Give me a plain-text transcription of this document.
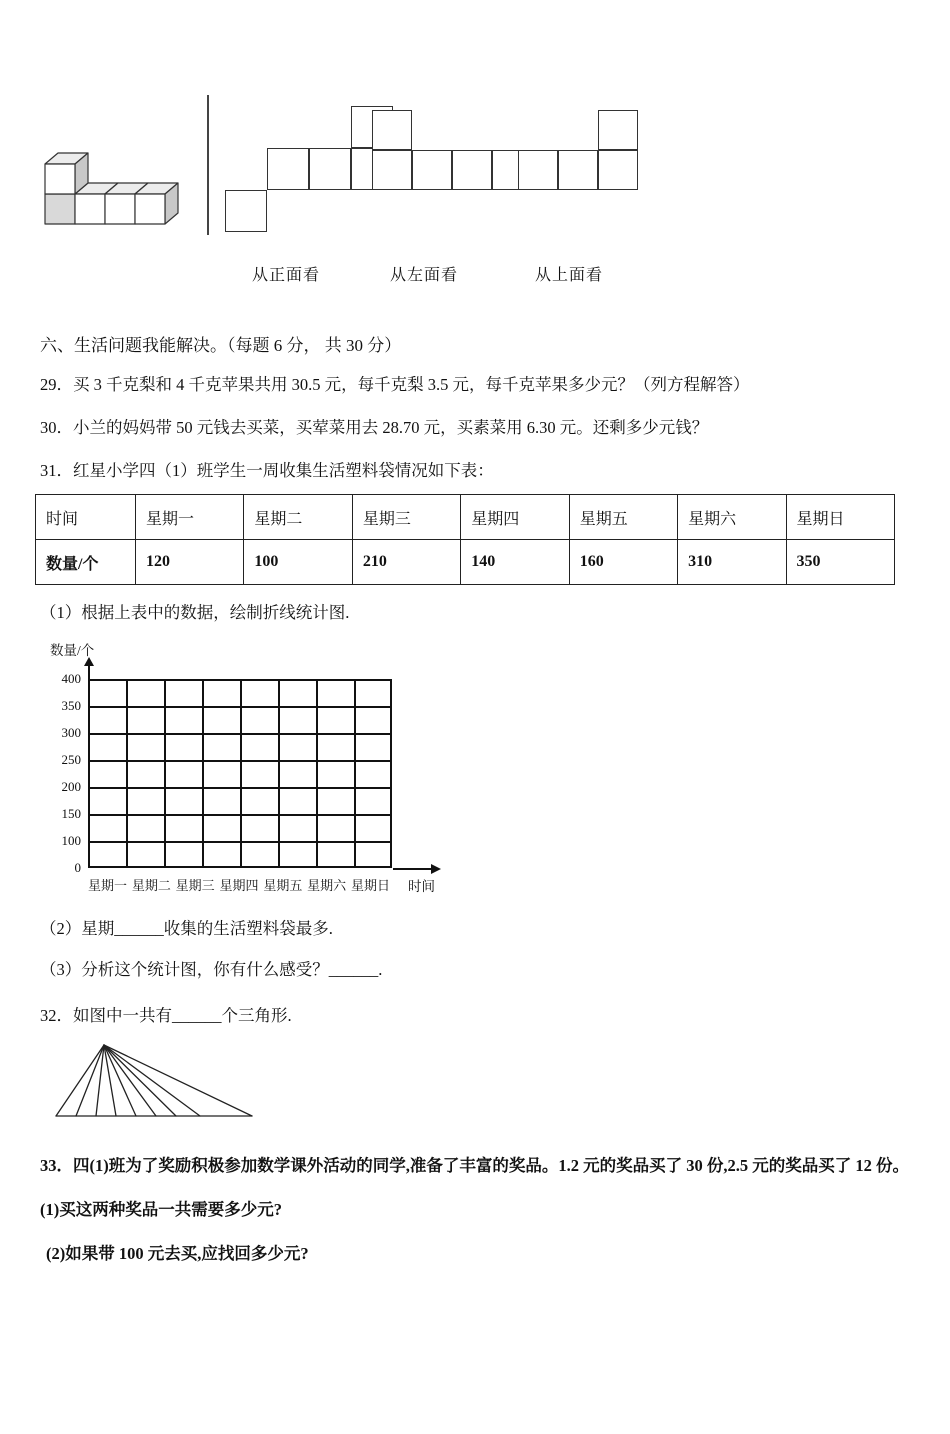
从正面看	从左面看	从上面看

六、生活问题我能解决。（每题 6 分， 共 30 分）

29．买 3 千克梨和 4 千克苹果共用 30.5 元，每千克梨 3.5 元，每千克苹果多少元？（列方程解答）

30．小兰的妈妈带 50 元钱去买菜，买荤菜用去 28.70 元，买素菜用 6.30 元。还剩多少元钱？

31．红星小学四（1）班学生一周收集生活塑料袋情况如下表：

时间	星期一	星期二	星期三	星期四	星期五	星期六	星期日
数量/个	120	100	210	140	160	310	350

（1）根据上表中的数据，绘制折线统计图.

数量/个
400
350
300
250
200
150
100
0
星期一 星期二 星期三 星期四 星期五 星期六 星期日 时间

（2）星期______收集的生活塑料袋最多.

（3）分析这个统计图，你有什么感受？______.

32．如图中一共有______个三角形.

33．四(1)班为了奖励积极参加数学课外活动的同学,准备了丰富的奖品。1.2 元的奖品买了 30 份,2.5 元的奖品买了 12 份。

(1)买这两种奖品一共需要多少元?

(2)如果带 100 元去买,应找回多少元?
